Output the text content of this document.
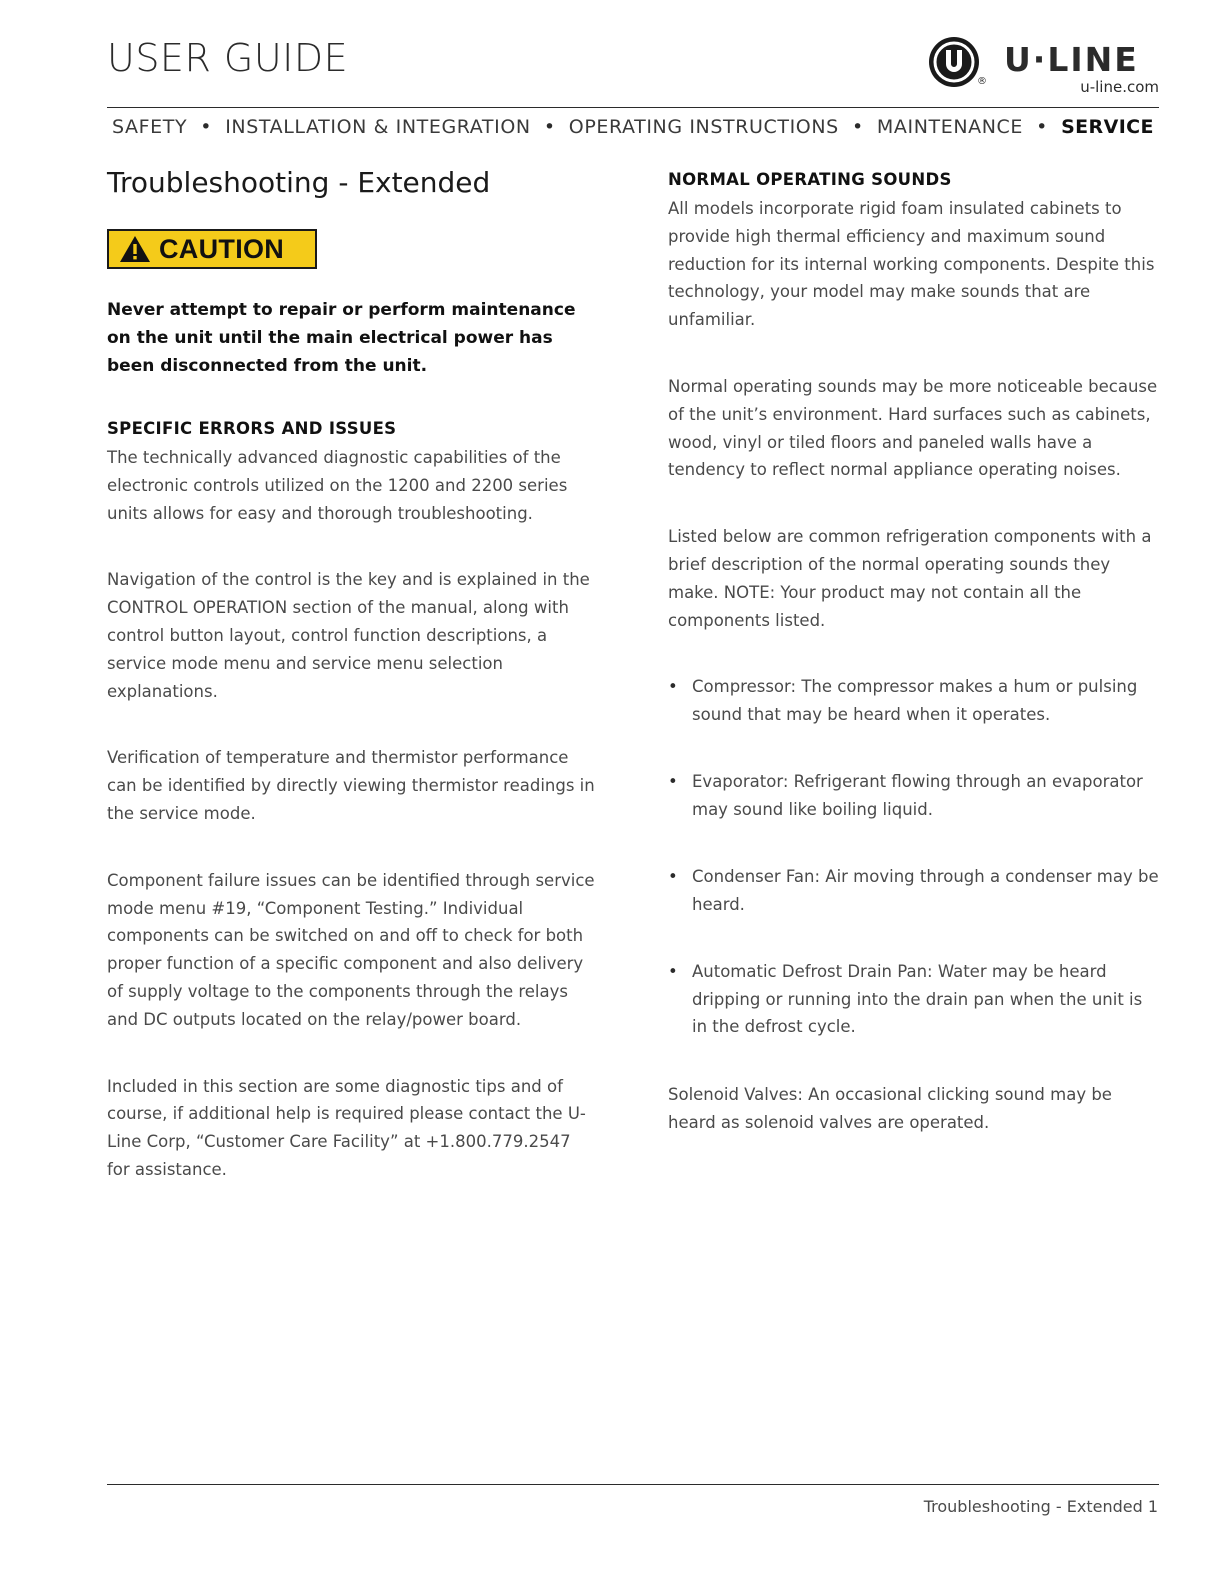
USER GUIDE
®
U·LINE
u-line.com
SAFETY • INSTALLATION & INTEGRATION • OPERATING INSTRUCTIONS • MAINTENANCE • SERVICE
Troubleshooting - Extended
CAUTION
Never attempt to repair or perform maintenance on the unit until the main electrical power has been disconnected from the unit.
SPECIFIC ERRORS AND ISSUES

The technically advanced diagnostic capabilities of the electronic controls utilized on the 1200 and 2200 series units allows for easy and thorough troubleshooting.

Navigation of the control is the key and is explained in the CONTROL OPERATION section of the manual, along with control button layout, control function descriptions, a service mode menu and service menu selection explanations.

Verification of temperature and thermistor performance can be identified by directly viewing thermistor readings in the service mode.

Component failure issues can be identified through service mode menu #19, “Component Testing.” Individual components can be switched on and off to check for both proper function of a specific component and also delivery of supply voltage to the components through the relays and DC outputs located on the relay/power board.

Included in this section are some diagnostic tips and of course, if additional help is required please contact the U-Line Corp, “Customer Care Facility” at +1.800.779.2547 for assistance.

NORMAL OPERATING SOUNDS

All models incorporate rigid foam insulated cabinets to provide high thermal efficiency and maximum sound reduction for its internal working components. Despite this technology, your model may make sounds that are unfamiliar.

Normal operating sounds may be more noticeable because of the unit’s environment. Hard surfaces such as cabinets, wood, vinyl or tiled floors and paneled walls have a tendency to reflect normal appliance operating noises.

Listed below are common refrigeration components with a brief description of the normal operating sounds they make. NOTE: Your product may not contain all the components listed.

• Compressor: The compressor makes a hum or pulsing sound that may be heard when it operates.
• Evaporator: Refrigerant flowing through an evaporator may sound like boiling liquid.
• Condenser Fan: Air moving through a condenser may be heard.
• Automatic Defrost Drain Pan: Water may be heard dripping or running into the drain pan when the unit is in the defrost cycle.

Solenoid Valves: An occasional clicking sound may be heard as solenoid valves are operated.

Troubleshooting - Extended 1
